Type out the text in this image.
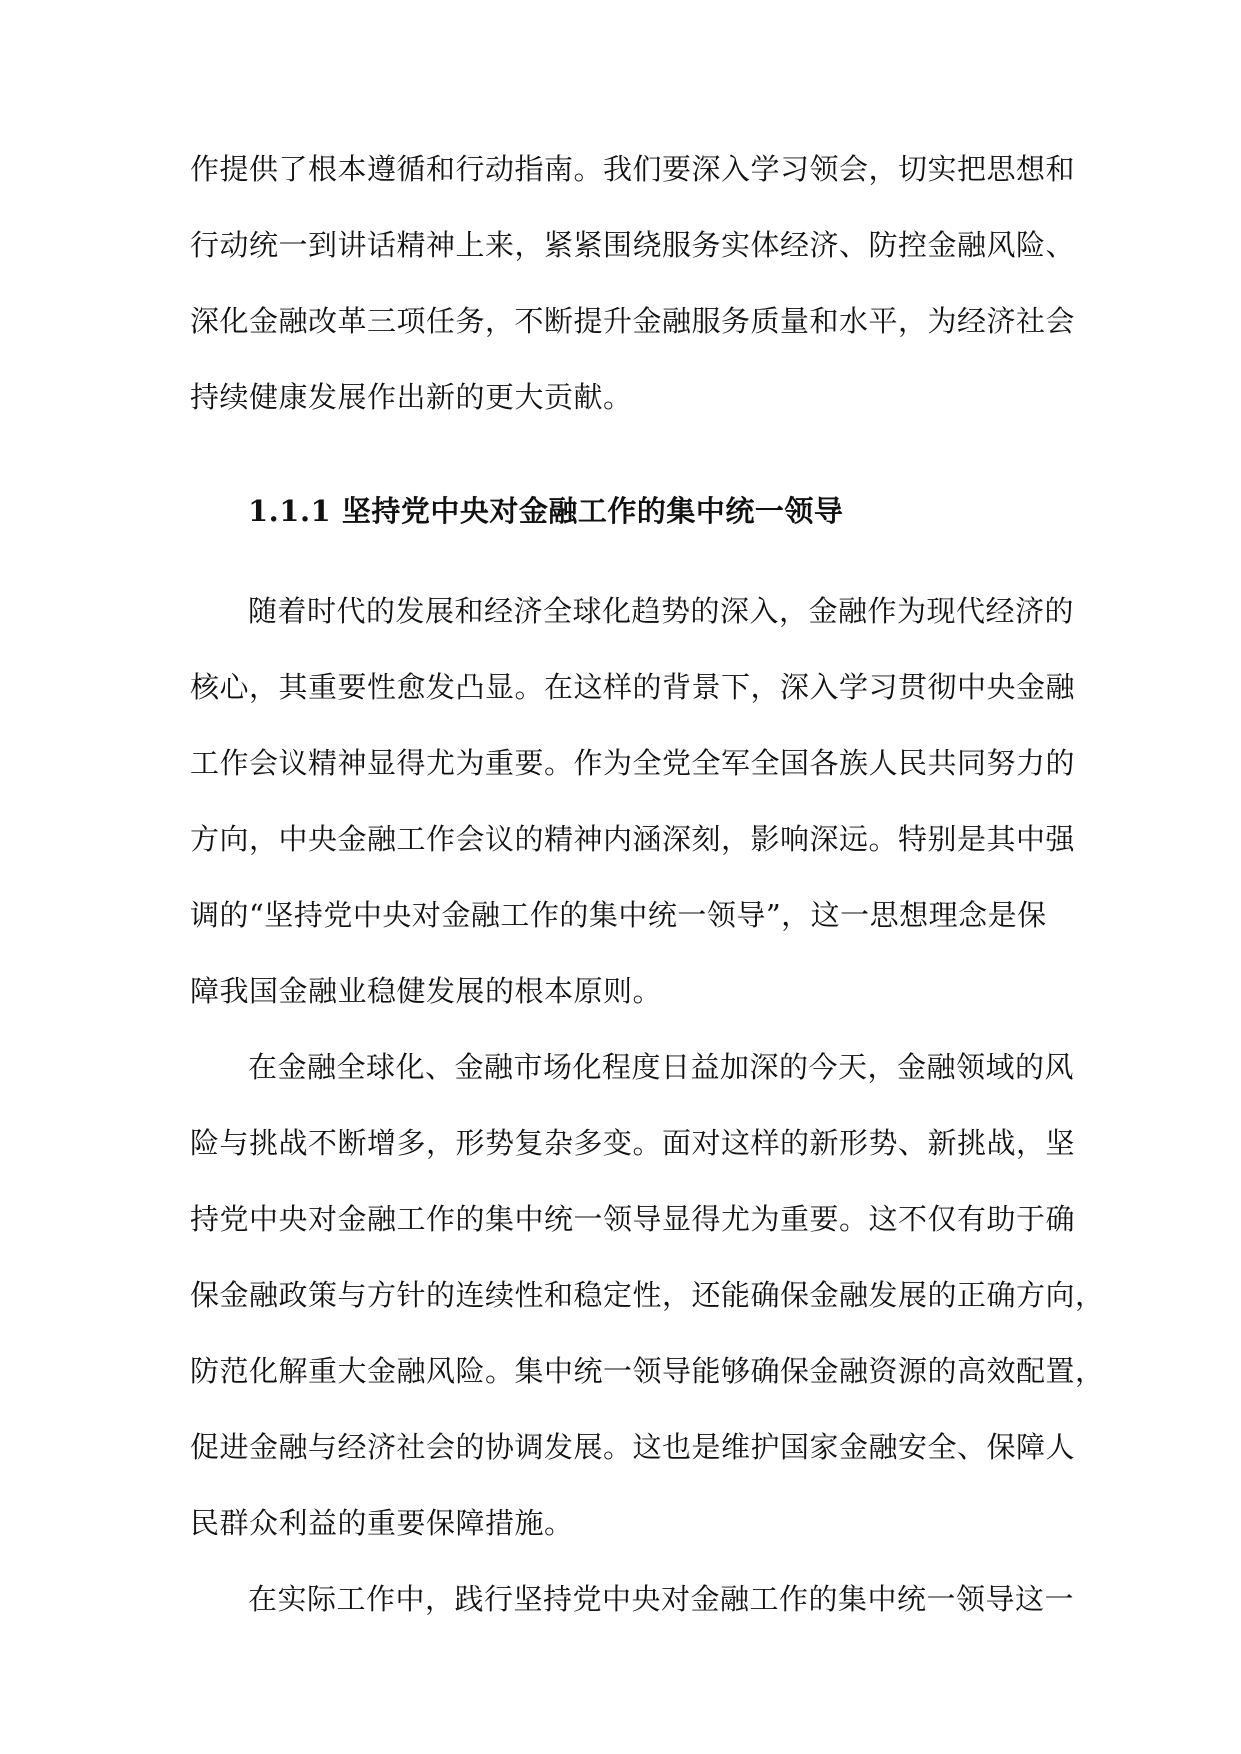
作提供了根本遵循和行动指南。我们要深入学习领会，切实把思想和
行动统一到讲话精神上来，紧紧围绕服务实体经济、防控金融风险、
深化金融改革三项任务，不断提升金融服务质量和水平，为经济社会
持续健康发展作出新的更大贡献。
1.1.1 坚持党中央对金融工作的集中统一领导
随着时代的发展和经济全球化趋势的深入，金融作为现代经济的
核心，其重要性愈发凸显。在这样的背景下，深入学习贯彻中央金融
工作会议精神显得尤为重要。作为全党全军全国各族人民共同努力的
方向，中央金融工作会议的精神内涵深刻，影响深远。特别是其中强
调的“坚持党中央对金融工作的集中统一领导”，这一思想理念是保
障我国金融业稳健发展的根本原则。
在金融全球化、金融市场化程度日益加深的今天，金融领域的风
险与挑战不断增多，形势复杂多变。面对这样的新形势、新挑战，坚
持党中央对金融工作的集中统一领导显得尤为重要。这不仅有助于确
保金融政策与方针的连续性和稳定性，还能确保金融发展的正确方向，
防范化解重大金融风险。集中统一领导能够确保金融资源的高效配置，
促进金融与经济社会的协调发展。这也是维护国家金融安全、保障人
民群众利益的重要保障措施。
在实际工作中，践行坚持党中央对金融工作的集中统一领导这一
